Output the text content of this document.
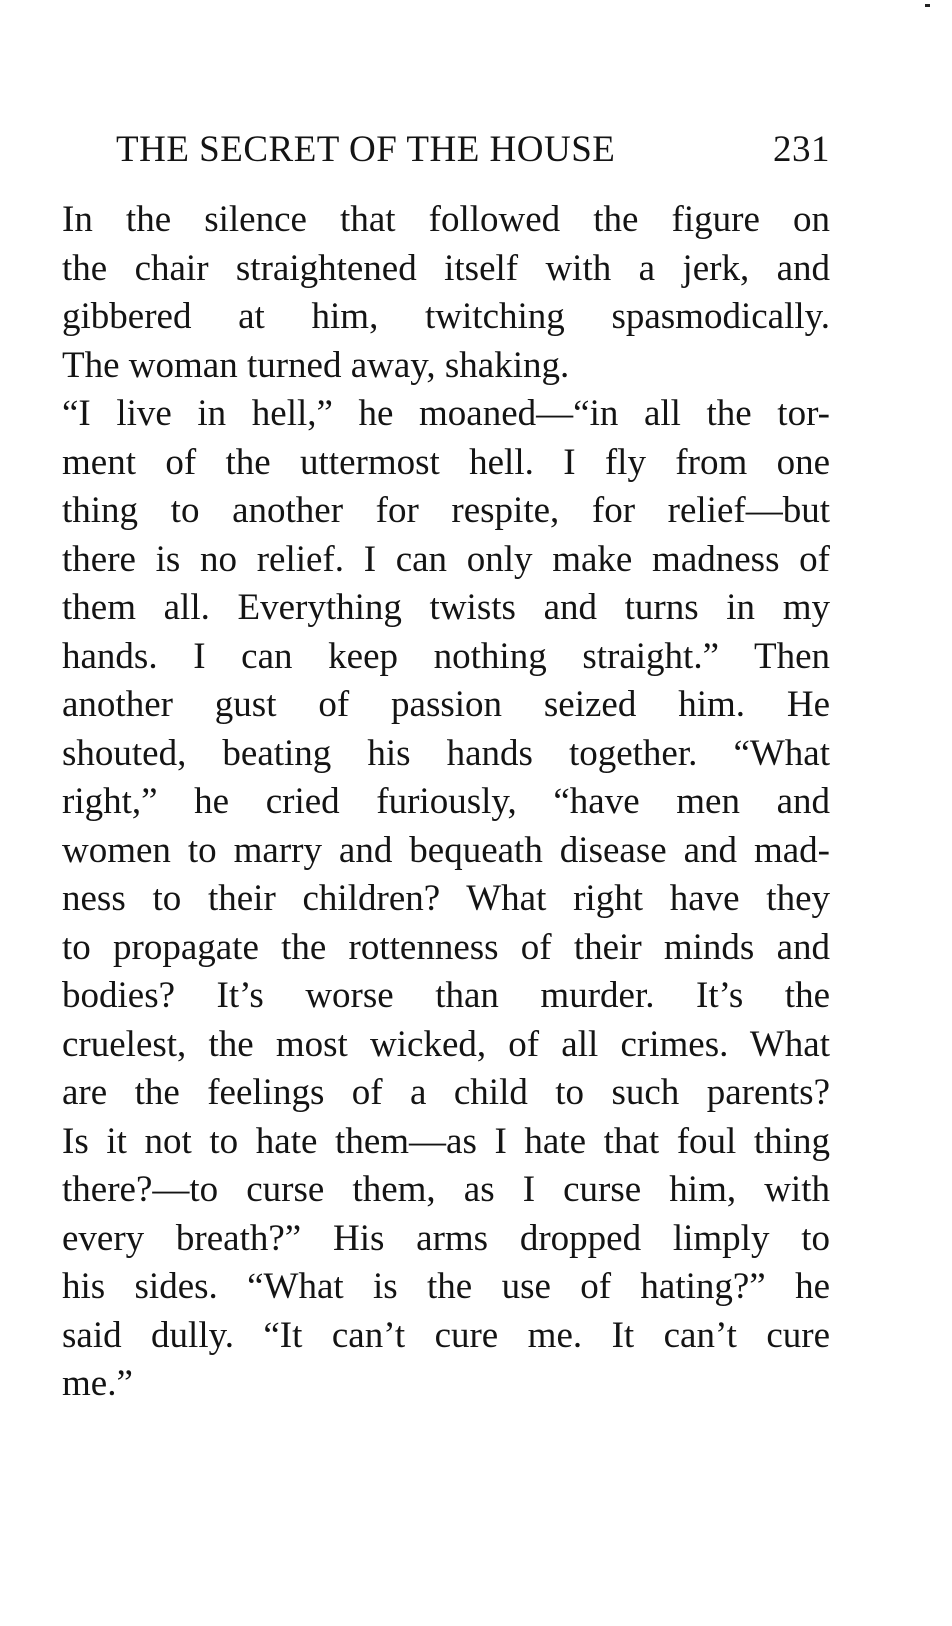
THE SECRET OF THE HOUSE	231
In the silence that followed the figure on
the chair straightened itself with a jerk, and
gibbered at him, twitching spasmodically.
The woman turned away, shaking.
“I live in hell,” he moaned—“in all the tor-
ment of the uttermost hell. I fly from one
thing to another for respite, for relief—but
there is no relief. I can only make madness of
them all. Everything twists and turns in my
hands. I can keep nothing straight.” Then
another gust of passion seized him. He
shouted, beating his hands together. “What
right,” he cried furiously, “have men and
women to marry and bequeath disease and mad-
ness to their children? What right have they
to propagate the rottenness of their minds and
bodies? It’s worse than murder. It’s the
cruelest, the most wicked, of all crimes. What
are the feelings of a child to such parents?
Is it not to hate them—as I hate that foul thing
there?—to curse them, as I curse him, with
every breath?” His arms dropped limply to
his sides. “What is the use of hating?” he
said dully. “It can’t cure me. It can’t cure
me.”
